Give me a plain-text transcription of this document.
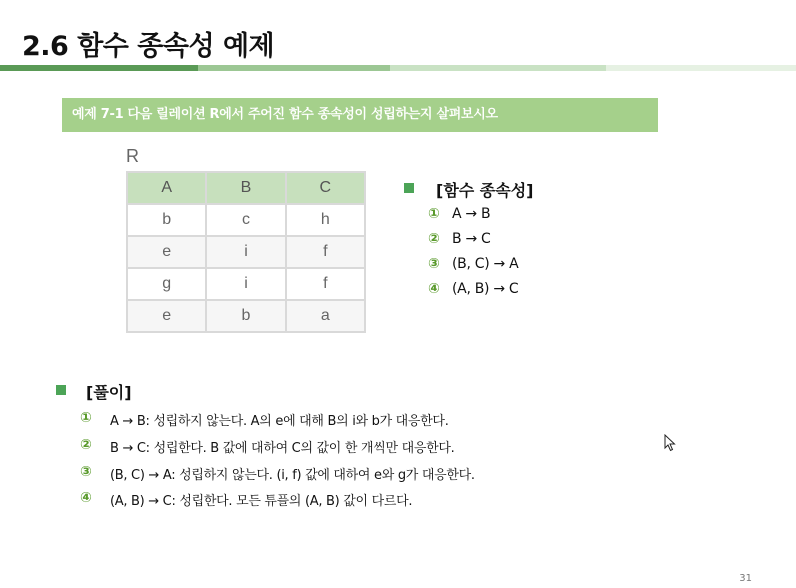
2.6 함수 종속성 예제
예제 7-1 다음 릴레이션 R에서 주어진 함수 종속성이 성립하는지 살펴보시오
R
A	B	C
b	c	h
e	i	f
g	i	f
e	b	a
[함수 종속성]
① A → B
② B → C
③ (B, C) → A
④ (A, B) → C
[풀이]
① A → B: 성립하지 않는다. A의 e에 대해 B의 i와 b가 대응한다.
② B → C: 성립한다. B 값에 대하여 C의 값이 한 개씩만 대응한다.
③ (B, C) → A: 성립하지 않는다. (i, f) 값에 대하여 e와 g가 대응한다.
④ (A, B) → C: 성립한다. 모든 튜플의 (A, B) 값이 다르다.
31
